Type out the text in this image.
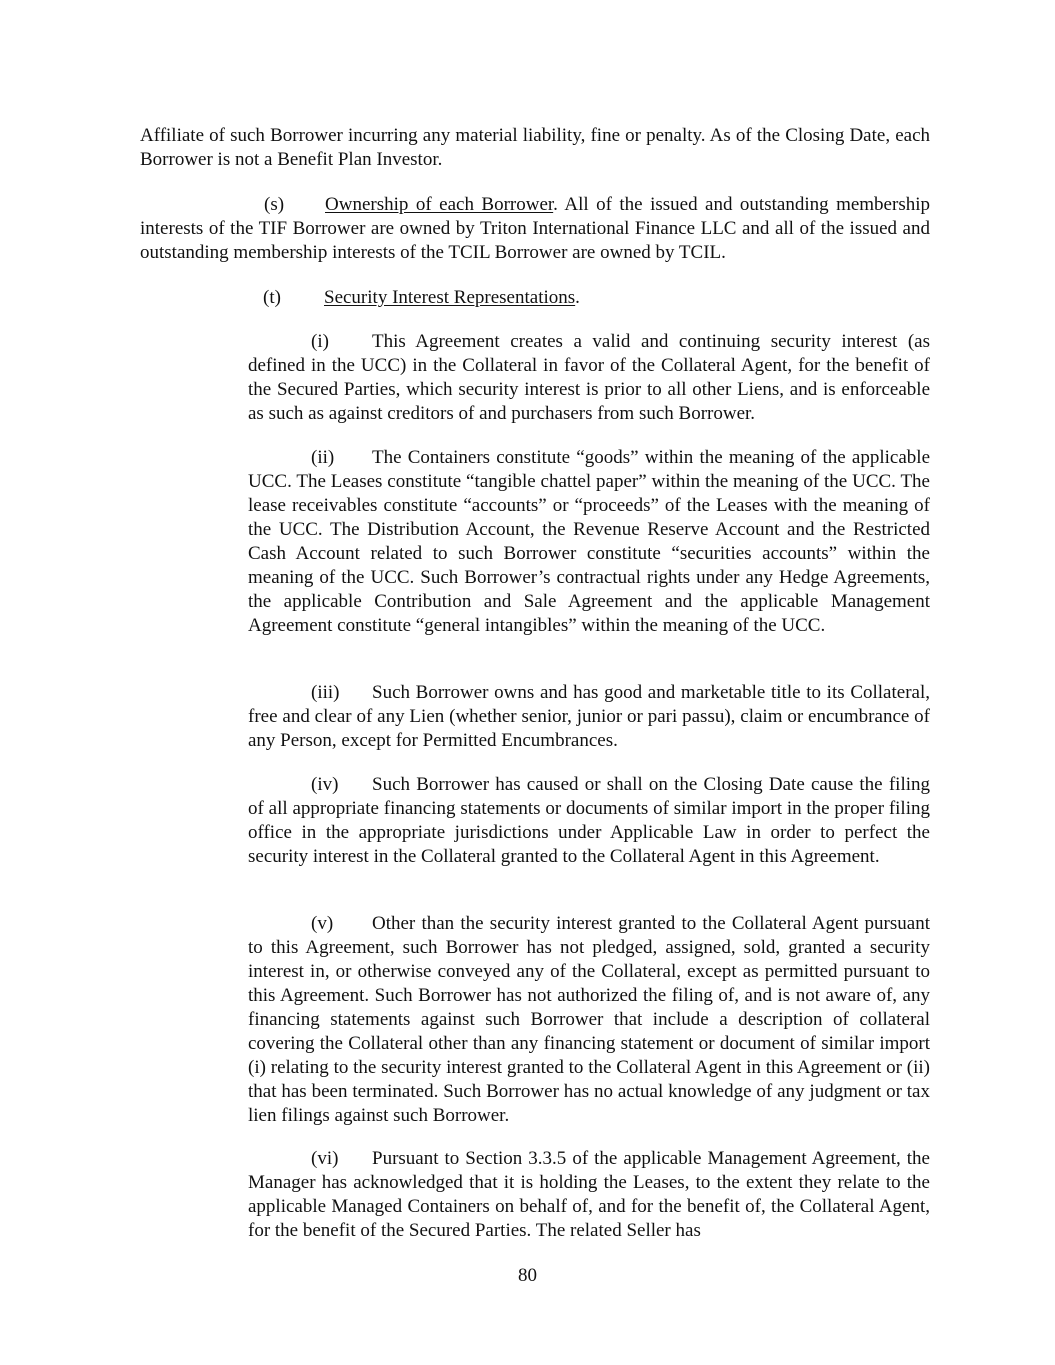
Affiliate of such Borrower incurring any material liability, fine or penalty. As of the Closing Date, each Borrower is not a Benefit Plan Investor.

(s) Ownership of each Borrower. All of the issued and outstanding membership interests of the TIF Borrower are owned by Triton International Finance LLC and all of the issued and outstanding membership interests of the TCIL Borrower are owned by TCIL.

(t) Security Interest Representations.

(i) This Agreement creates a valid and continuing security interest (as defined in the UCC) in the Collateral in favor of the Collateral Agent, for the benefit of the Secured Parties, which security interest is prior to all other Liens, and is enforceable as such as against creditors of and purchasers from such Borrower.

(ii) The Containers constitute “goods” within the meaning of the applicable UCC. The Leases constitute “tangible chattel paper” within the meaning of the UCC. The lease receivables constitute “accounts” or “proceeds” of the Leases with the meaning of the UCC. The Distribution Account, the Revenue Reserve Account and the Restricted Cash Account related to such Borrower constitute “securities accounts” within the meaning of the UCC. Such Borrower’s contractual rights under any Hedge Agreements, the applicable Contribution and Sale Agreement and the applicable Management Agreement constitute “general intangibles” within the meaning of the UCC.

(iii) Such Borrower owns and has good and marketable title to its Collateral, free and clear of any Lien (whether senior, junior or pari passu), claim or encumbrance of any Person, except for Permitted Encumbrances.

(iv) Such Borrower has caused or shall on the Closing Date cause the filing of all appropriate financing statements or documents of similar import in the proper filing office in the appropriate jurisdictions under Applicable Law in order to perfect the security interest in the Collateral granted to the Collateral Agent in this Agreement.

(v) Other than the security interest granted to the Collateral Agent pursuant to this Agreement, such Borrower has not pledged, assigned, sold, granted a security interest in, or otherwise conveyed any of the Collateral, except as permitted pursuant to this Agreement. Such Borrower has not authorized the filing of, and is not aware of, any financing statements against such Borrower that include a description of collateral covering the Collateral other than any financing statement or document of similar import (i) relating to the security interest granted to the Collateral Agent in this Agreement or (ii) that has been terminated. Such Borrower has no actual knowledge of any judgment or tax lien filings against such Borrower.

(vi) Pursuant to Section 3.3.5 of the applicable Management Agreement, the Manager has acknowledged that it is holding the Leases, to the extent they relate to the applicable Managed Containers on behalf of, and for the benefit of, the Collateral Agent, for the benefit of the Secured Parties. The related Seller has

80
